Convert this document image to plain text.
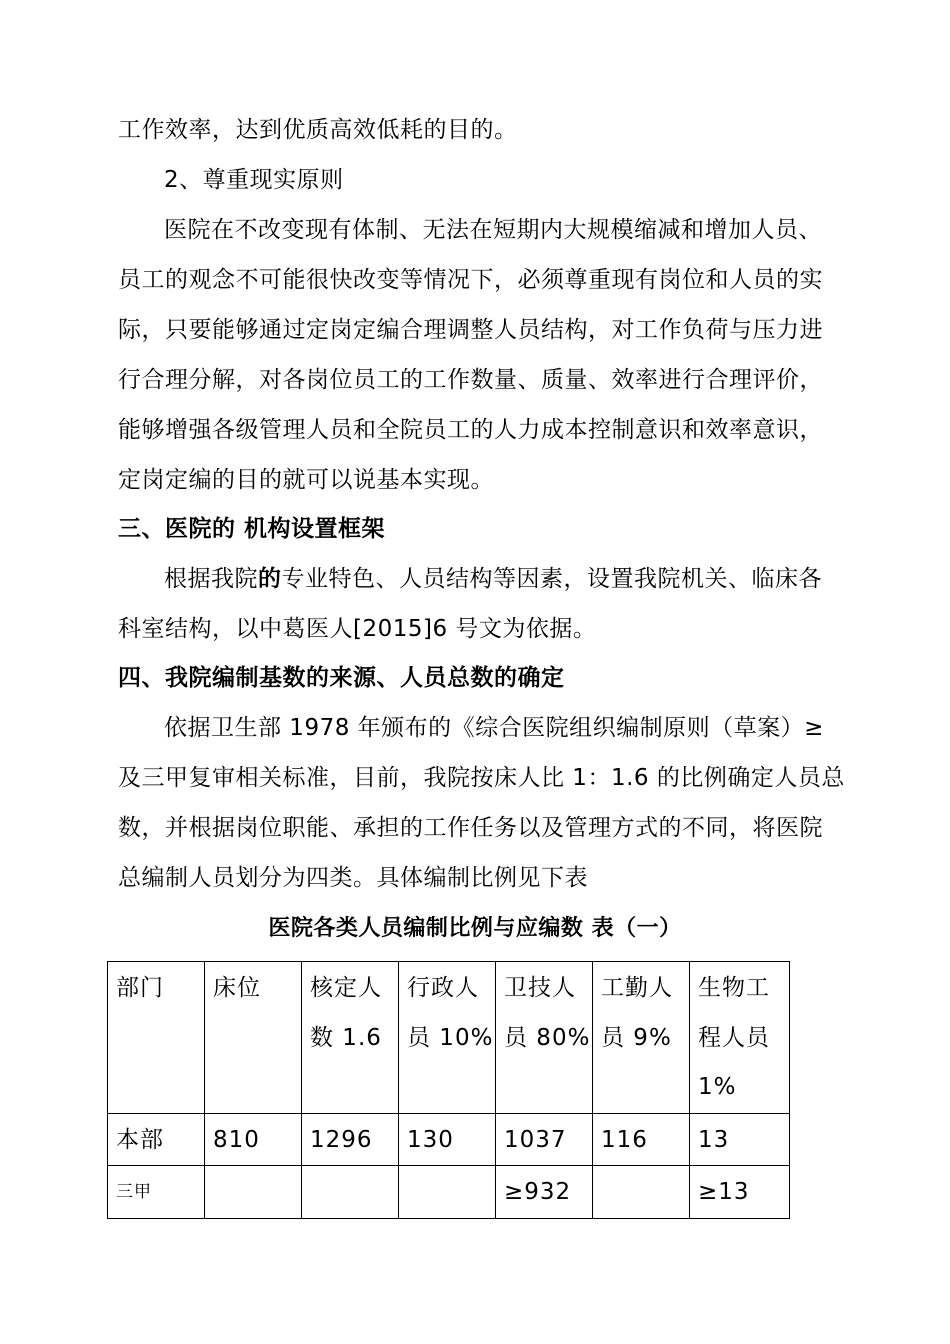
工作效率，达到优质高效低耗的目的。
2、尊重现实原则
医院在不改变现有体制、无法在短期内大规模缩减和增加人员、
员工的观念不可能很快改变等情况下，必须尊重现有岗位和人员的实
际，只要能够通过定岗定编合理调整人员结构，对工作负荷与压力进
行合理分解，对各岗位员工的工作数量、质量、效率进行合理评价，
能够增强各级管理人员和全院员工的人力成本控制意识和效率意识，
定岗定编的目的就可以说基本实现。
三、医院的 机构设置框架
根据我院的专业特色、人员结构等因素，设置我院机关、临床各
科室结构，以中葛医人[2015]6 号文为依据。
四、我院编制基数的来源、人员总数的确定
依据卫生部 1978 年颁布的《综合医院组织编制原则（草案）≥
及三甲复审相关标准，目前，我院按床人比 1：1.6 的比例确定人员总
数，并根据岗位职能、承担的工作任务以及管理方式的不同，将医院
总编制人员划分为四类。具体编制比例见下表
医院各类人员编制比例与应编数 表（一）
部门	床位	核定人数 1.6	行政人员 10%	卫技人员 80%	工勤人员 9%	生物工程人员1%
本部	810	1296	130	1037	116	13
三甲				≥932		≥13
